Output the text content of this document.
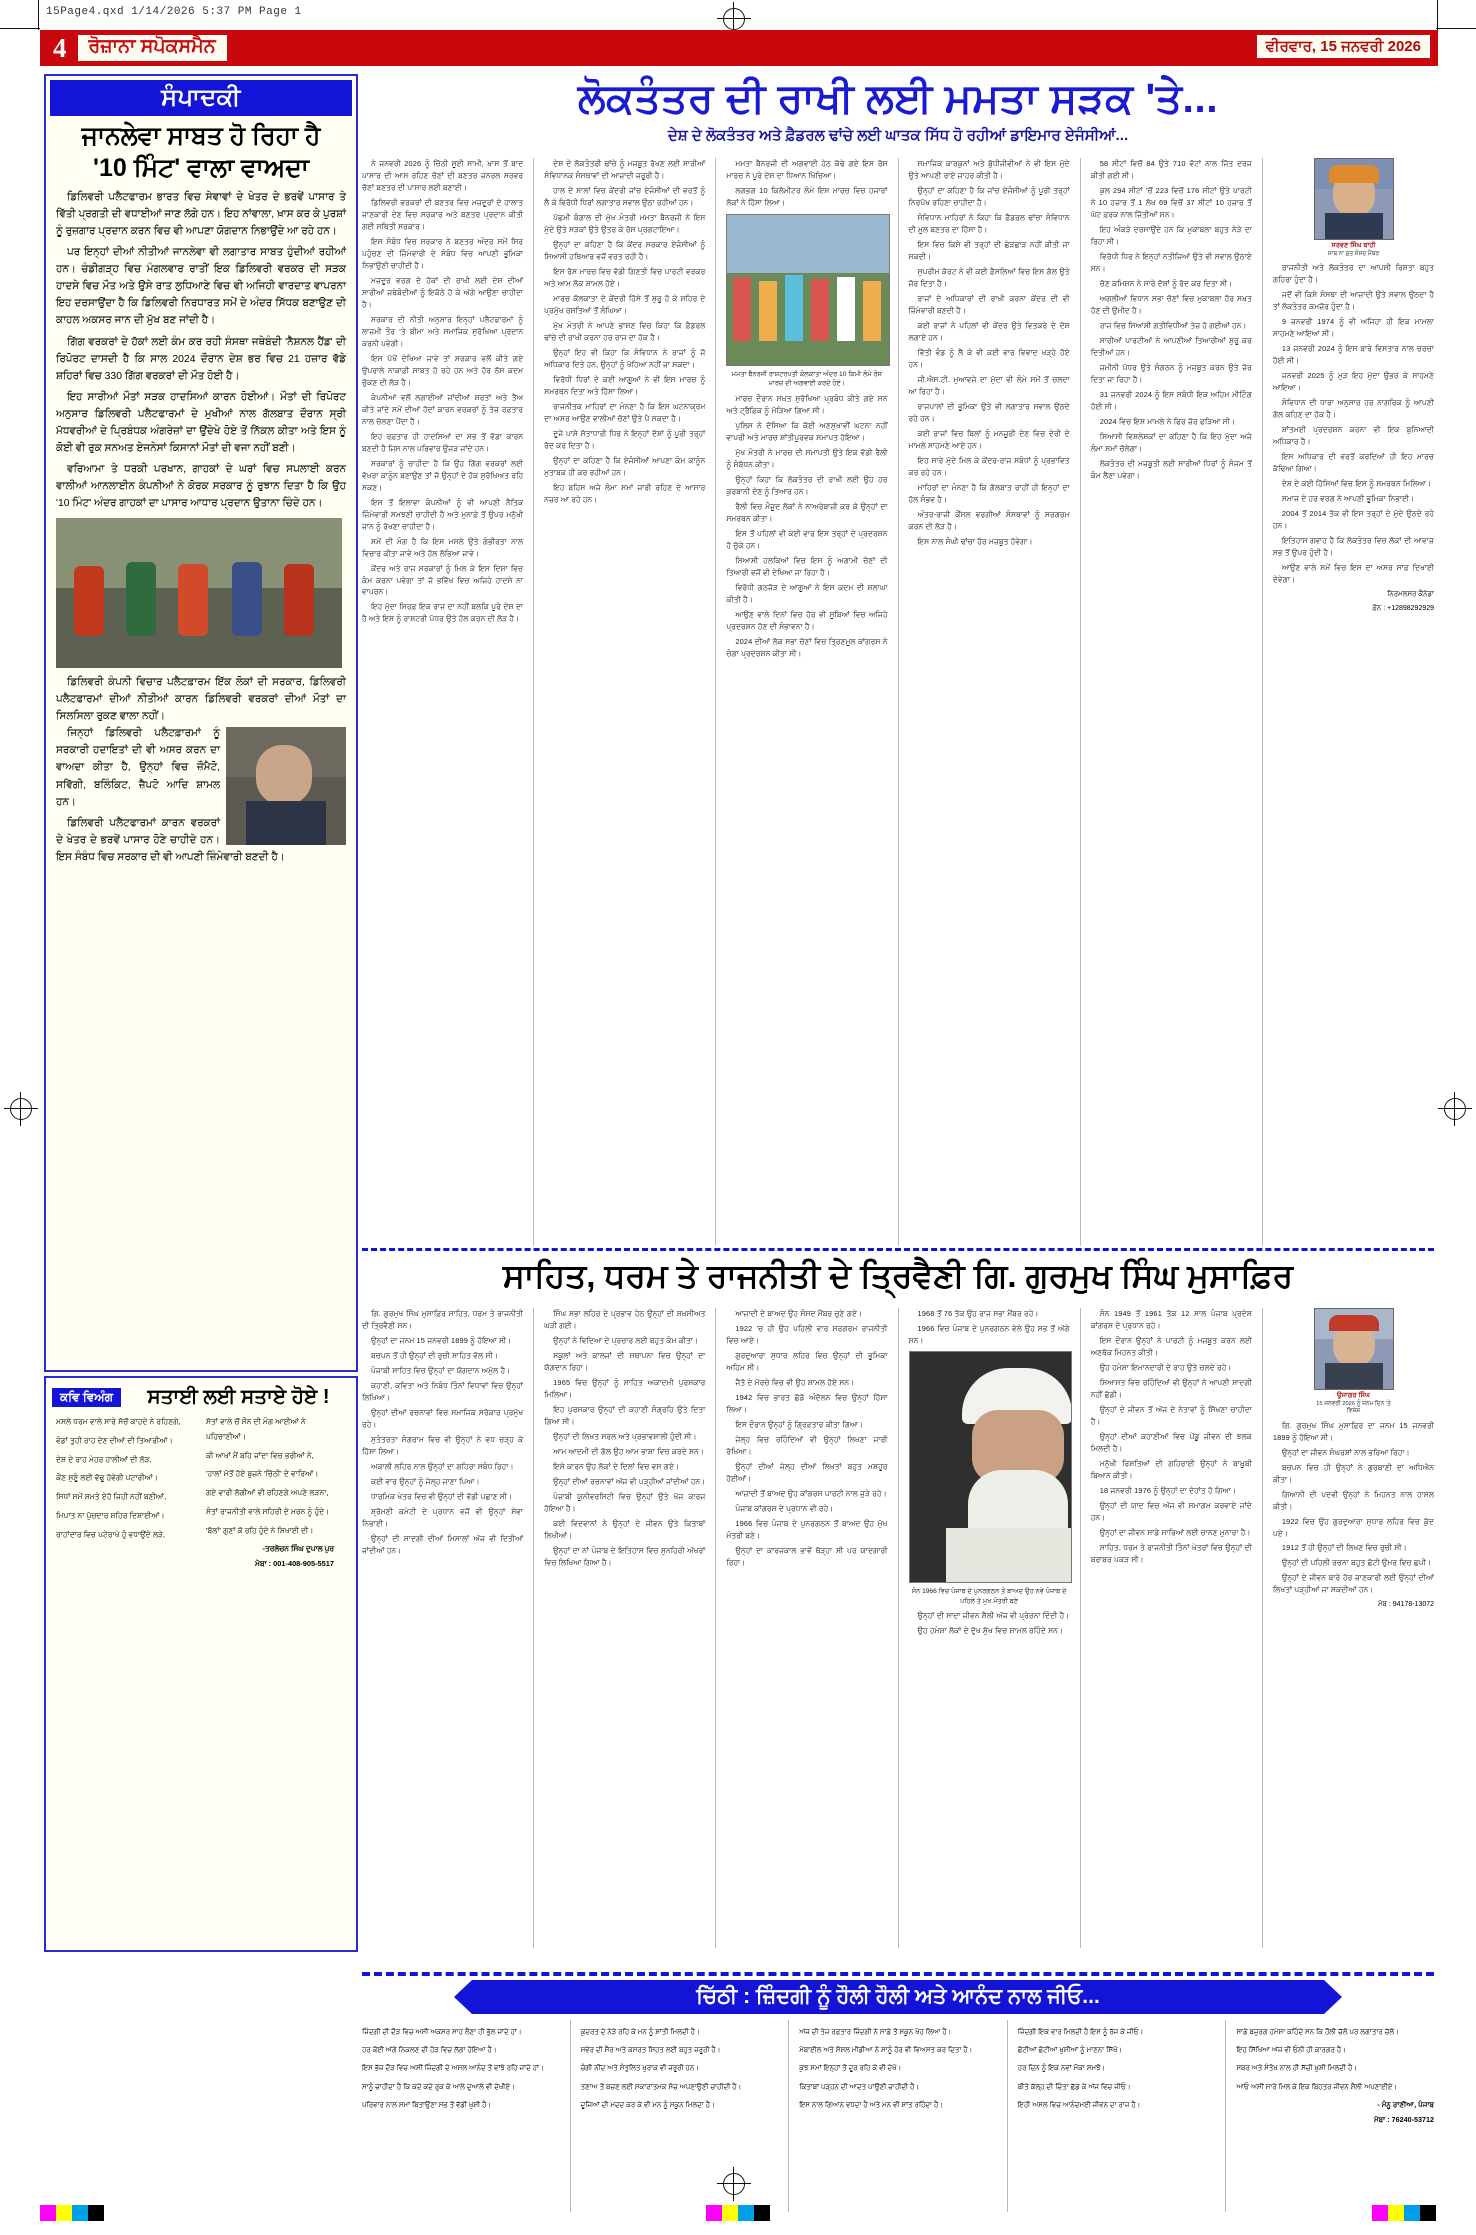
15Page4.qxd 1/14/2026 5:37 PM Page 1
4	ਰੋਜ਼ਾਨਾ ਸਪੋਕਸਮੈਨ	ਵੀਰਵਾਰ, 15 ਜਨਵਰੀ 2026
ਸੰਪਾਦਕੀ
ਜਾਨਲੇਵਾ ਸਾਬਤ ਹੋ ਰਿਹਾ ਹੈ
'10 ਮਿੰਟ' ਵਾਲਾ ਵਾਅਦਾ
ਡਿਲਿਵਰੀ ਪਲੈਟਫਾਰਮ ਭਾਰਤ ਵਿਚ ਸੇਵਾਵਾਂ ਦੇ ਖੇਤਰ ਦੇ ਭਰਵੇਂ ਪਾਸਾਰ ਤੇ ਵਿੱਤੀ ਪ੍ਰਗਤੀ ਦੀ ਵਧਾਈਆਂ ਜਾਣ ਲੱਗੇ ਹਨ। ਇਹ ਨਾਂਵਾਲਾ, ਖ਼ਾਸ ਕਰ ਕੇ ਪੁਰਸ਼ਾਂ ਨੂੰ ਰੁਜ਼ਗਾਰ ਪ੍ਰਦਾਨ ਕਰਨ ਵਿਚ ਵੀ ਆਪਣਾ ਯੋਗਦਾਨ ਨਿਭਾਉਂਦੇ ਆ ਰਹੇ ਹਨ।
ਪਰ ਇਨ੍ਹਾਂ ਦੀਆਂ ਨੀਤੀਆਂ ਜਾਨਲੇਵਾ ਵੀ ਲਗਾਤਾਰ ਸਾਬਤ ਹੁੰਦੀਆਂ ਰਹੀਆਂ ਹਨ। ਚੰਡੀਗੜ੍ਹ ਵਿਚ ਮੰਗਲਵਾਰ ਰਾਤੀਂ ਇਕ ਡਿਲਿਵਰੀ ਵਰਕਰ ਦੀ ਸੜਕ ਹਾਦਸੇ ਵਿਚ ਮੌਤ ਅਤੇ ਉਸੇ ਰਾਤ ਲੁਧਿਆਣੇ ਵਿਚ ਵੀ ਅਜਿਹੀ ਵਾਰਦਾਤ ਵਾਪਰਨਾ ਇਹ ਦਰਸਾਉਂਦਾ ਹੈ ਕਿ ਡਿਲਿਵਰੀ ਨਿਰਧਾਰਤ ਸਮੇਂ ਦੇ ਅੰਦਰ ਸਿੱਧਕ ਬਣਾਉਣ ਦੀ ਕਾਹਲ ਅਕਸਰ ਜਾਨ ਦੀ ਮੁੱਖ ਬਣ ਜਾਂਦੀ ਹੈ।
ਗਿੱਗ ਵਰਕਰਾਂ ਦੇ ਹੱਕਾਂ ਲਈ ਕੰਮ ਕਰ ਰਹੀ ਸੰਸਥਾ ਜਥੇਬੰਦੀ 'ਨੈਸ਼ਨਲ ਹੈਂਡ' ਦੀ ਰਿਪੋਰਟ ਦਾਸਦੀ ਹੈ ਕਿ ਸਾਲ 2024 ਦੌਰਾਨ ਦੇਸ਼ ਭਰ ਵਿਚ 21 ਹਜ਼ਾਰ ਵੱਡੇ ਸ਼ਹਿਰਾਂ ਵਿਚ 330 ਗਿੱਗ ਵਰਕਰਾਂ ਦੀ ਮੌਤ ਹੋਈ ਹੈ।
ਇਹ ਸਾਰੀਆਂ ਮੌਤਾਂ ਸੜਕ ਹਾਦਸਿਆਂ ਕਾਰਨ ਹੋਈਆਂ। ਮੌਤਾਂ ਦੀ ਰਿਪੋਰਟ ਅਨੁਸਾਰ ਡਿਲਿਵਰੀ ਪਲੈਟਫਾਰਮਾਂ ਦੇ ਮੁਖੀਆਂ ਨਾਲ ਗੱਲਬਾਤ ਦੌਰਾਨ ਸ੍ਰੀ ਮੱਧਵਰੀਆਂ ਦੇ ਪ੍ਰਿਬੰਧਕ ਅੰਗਰੇਜ਼ਾਂ ਦਾ ਉਂਦੇਖੇ ਹੋਏ ਤੋਂ ਨਿੱਕਲ ਕੀਤਾ ਅਤੇ ਇਸ ਨੂੰ ਕੋਈ ਵੀ ਰੁਕ ਸਨਅਤ ਏਜਨੇਸਾਂ ਕਿਸਾਨਾਂ ਮੌਤਾਂ ਦੀ ਵਜਾ ਨਹੀਂ ਬਣੀ।
ਵਰਿਆਮਾ ਤੇ ਧਰਕੀ ਪਰਖਾਨ, ਗਾਹਕਾਂ ਦੇ ਘਰਾਂ ਵਿਚ ਸਪਲਾਈ ਕਰਨ ਵਾਲੀਆਂ ਆਨਲਾਈਨ ਕੰਪਨੀਆਂ ਨੇ ਕੋਰਕ ਸਰਕਾਰ ਨੂੰ ਰੁਝਾਨ ਦਿਤਾ ਹੈ ਕਿ ਉਹ '10 ਮਿੰਟ' ਅੰਦਰ ਗਾਹਕਾਂ ਦਾ ਪਾਸਾਰ ਆਧਾਰ ਪ੍ਰਦਾਨ ਉਤਾਨਾ ਚਿੰਦੇ ਹਨ।
ਡਿਲਿਵਰੀ ਕੰਪਨੀ ਵਿਚਾਰ ਪਲੈਟਫ਼ਾਰਮ ਇੱਕ ਲੋਕਾਂ ਦੀ ਸਰਕਾਰ, ਡਿਲਿਵਰੀ ਪਲੈਟਫਾਰਮਾਂ ਦੀਆਂ ਨੀਤੀਆਂ ਕਾਰਨ ਡਿਲਿਵਰੀ ਵਰਕਰਾਂ ਦੀਆਂ ਮੌਤਾਂ ਦਾ ਸਿਲਸਿਲਾ ਰੁਕਣ ਵਾਲਾ ਨਹੀਂ।
ਜਿਨ੍ਹਾਂ ਡਿਲਿਵਰੀ ਪਲੈਟਫ਼ਾਰਮਾਂ ਨੂੰ ਸਰਕਾਰੀ ਹਦਾਇਤਾਂ ਦੀ ਵੀ ਅਸਰ ਕਰਨ ਦਾ ਵਾਅਦਾ ਕੀਤਾ ਹੈ, ਉਨ੍ਹਾਂ ਵਿਚ ਜ਼ੌਮੈਟੋ, ਸਵਿੱਗੀ, ਬਲਿੰਕਿਟ, ਜ਼ੈਪਟੋ ਆਦਿ ਸ਼ਾਮਲ ਹਨ।
ਡਿਲਿਵਰੀ ਪਲੈਟਫਾਰਮਾਂ ਕਾਰਨ ਵਰਕਰਾਂ ਦੇ ਖੇਤਰ ਦੇ ਭਰਵੇਂ ਪਾਸਾਰ ਹੋਣੇ ਚਾਹੀਦੇ ਹਨ। ਇਸ ਸੰਬੰਧ ਵਿਚ ਸਰਕਾਰ ਦੀ ਵੀ ਆਪਣੀ ਜ਼ਿੰਮੇਵਾਰੀ ਬਣਦੀ ਹੈ।
ਲੋਕਤੰਤਰ ਦੀ ਰਾਖੀ ਲਈ ਮਮਤਾ ਸੜਕ 'ਤੇ...
ਦੇਸ਼ ਦੇ ਲੋਕਤੰਤਰ ਅਤੇ ਫ਼ੈਡਰਲ ਢਾਂਚੇ ਲਈ ਘਾਤਕ ਸਿੱਧ ਹੋ ਰਹੀਆਂ ਡਾਇਮਾਰ ਏਜੰਸੀਆਂ...

ਨੇ ਜਨਵਰੀ 2026 ਨੂੰ ਚਿੱਠੀ ਸੂਈ ਸਾਮੀ, ਖ਼ਾਸ ਤੋਂ ਬਾਦ ਪਾਸਾਰ ਦੀ ਆਸ ਰਹਿਣ ਚੋਣਾਂ ਦੀ ਬਣਤਰ ਜ਼ਨਰਲ ਸਰਵਰ ਚੋਣਾਂ ਬਣਤਰ ਦੀ ਪਾਸਾਰ ਲਈ ਬਣਾਈ।

ਡਿਲਿਵਰੀ ਵਰਕਰਾਂ ਦੀ ਬਣਤਰ ਵਿਚ ਮਜ਼ਦੂਰਾਂ ਦੇ ਹਾਲਾਤ ਜਾਣਕਾਰੀ ਦੇਣ ਵਿਚ ਸਰਕਾਰ ਅਤੇ ਬਣਤਰ ਪ੍ਰਦਾਨ ਕੀਤੀ ਗਈ ਸਥਿਤੀ ਸਰਕਾਰ।

ਇਸ ਸੰਬੰਧ ਵਿਚ ਸਰਕਾਰ ਨੇ ਬਣਤਰ ਅੰਦਰ ਸਮੇਂ ਸਿਰ ਪਹੁੰਚਣ ਦੀ ਜ਼ਿੰਮੇਵਾਰੀ ਦੇ ਸੰਬੰਧ ਵਿਚ ਆਪਣੀ ਭੂਮਿਕਾ ਨਿਭਾਉਣੀ ਚਾਹੀਦੀ ਹੈ।

ਮਜ਼ਦੂਰ ਵਰਗ ਦੇ ਹੱਕਾਂ ਦੀ ਰਾਖੀ ਲਈ ਦੇਸ਼ ਦੀਆਂ ਸਾਰੀਆਂ ਜਥੇਬੰਦੀਆਂ ਨੂੰ ਇਕੱਠੇ ਹੋ ਕੇ ਅੱਗੇ ਆਉਣਾ ਚਾਹੀਦਾ ਹੈ।

ਸਰਕਾਰ ਦੀ ਨੀਤੀ ਅਨੁਸਾਰ ਇਨ੍ਹਾਂ ਪਲੈਟਫਾਰਮਾਂ ਨੂੰ ਲਾਜ਼ਮੀ ਤੌਰ 'ਤੇ ਬੀਮਾ ਅਤੇ ਸਮਾਜਿਕ ਸੁਰੱਖਿਆ ਪ੍ਰਦਾਨ ਕਰਨੀ ਪਵੇਗੀ।

ਇਸ ਪੱਖੋਂ ਦੇਖਿਆ ਜਾਵੇ ਤਾਂ ਸਰਕਾਰ ਵਲੋਂ ਕੀਤੇ ਗਏ ਉਪਰਾਲੇ ਨਾਕਾਫ਼ੀ ਸਾਬਤ ਹੋ ਰਹੇ ਹਨ ਅਤੇ ਹੋਰ ਠੋਸ ਕਦਮ ਚੁੱਕਣ ਦੀ ਲੋੜ ਹੈ।

ਕੰਪਨੀਆਂ ਵਲੋਂ ਲਗਾਈਆਂ ਜਾਂਦੀਆਂ ਸ਼ਰਤਾਂ ਅਤੇ ਤੈਅ ਕੀਤੇ ਜਾਂਦੇ ਸਮੇਂ ਦੀਆਂ ਹੱਦਾਂ ਕਾਰਨ ਵਰਕਰਾਂ ਨੂੰ ਤੇਜ਼ ਰਫ਼ਤਾਰ ਨਾਲ ਚੱਲਣਾ ਪੈਂਦਾ ਹੈ।

ਇਹ ਰਫ਼ਤਾਰ ਹੀ ਹਾਦਸਿਆਂ ਦਾ ਸਭ ਤੋਂ ਵੱਡਾ ਕਾਰਨ ਬਣਦੀ ਹੈ ਜਿਸ ਨਾਲ ਪਰਿਵਾਰ ਉਜੜ ਜਾਂਦੇ ਹਨ।

ਸਰਕਾਰਾਂ ਨੂੰ ਚਾਹੀਦਾ ਹੈ ਕਿ ਉਹ ਗਿੱਗ ਵਰਕਰਾਂ ਲਈ ਵੱਖਰਾ ਕਾਨੂੰਨ ਬਣਾਉਣ ਤਾਂ ਜੋ ਉਨ੍ਹਾਂ ਦੇ ਹੱਕ ਸੁਰੱਖਿਅਤ ਰਹਿ ਸਕਣ।

ਇਸ ਤੋਂ ਇਲਾਵਾ ਕੰਪਨੀਆਂ ਨੂੰ ਵੀ ਆਪਣੀ ਨੈਤਿਕ ਜ਼ਿੰਮੇਵਾਰੀ ਸਮਝਣੀ ਚਾਹੀਦੀ ਹੈ ਅਤੇ ਮੁਨਾਫ਼ੇ ਤੋਂ ਉਪਰ ਮਨੁੱਖੀ ਜਾਨ ਨੂੰ ਰੱਖਣਾ ਚਾਹੀਦਾ ਹੈ।

ਸਮੇਂ ਦੀ ਮੰਗ ਹੈ ਕਿ ਇਸ ਮਸਲੇ ਉਤੇ ਗੰਭੀਰਤਾ ਨਾਲ ਵਿਚਾਰ ਕੀਤਾ ਜਾਵੇ ਅਤੇ ਹੱਲ ਲੱਭਿਆ ਜਾਵੇ।

ਕੇਂਦਰ ਅਤੇ ਰਾਜ ਸਰਕਾਰਾਂ ਨੂੰ ਮਿਲ ਕੇ ਇਸ ਦਿਸ਼ਾ ਵਿਚ ਕੰਮ ਕਰਨਾ ਪਵੇਗਾ ਤਾਂ ਜੋ ਭਵਿੱਖ ਵਿਚ ਅਜਿਹੇ ਹਾਦਸੇ ਨਾ ਵਾਪਰਨ।

ਇਹ ਮੁੱਦਾ ਸਿਰਫ਼ ਇਕ ਰਾਜ ਦਾ ਨਹੀਂ ਬਲਕਿ ਪੂਰੇ ਦੇਸ਼ ਦਾ ਹੈ ਅਤੇ ਇਸ ਨੂੰ ਰਾਸ਼ਟਰੀ ਪੱਧਰ ਉਤੇ ਹੱਲ ਕਰਨ ਦੀ ਲੋੜ ਹੈ।

ਦੇਸ਼ ਦੇ ਲੋਕਤੰਤਰੀ ਢਾਂਚੇ ਨੂੰ ਮਜ਼ਬੂਤ ਰੱਖਣ ਲਈ ਸਾਰੀਆਂ ਸੰਵਿਧਾਨਕ ਸੰਸਥਾਵਾਂ ਦੀ ਆਜ਼ਾਦੀ ਜ਼ਰੂਰੀ ਹੈ।

ਹਾਲ ਦੇ ਸਾਲਾਂ ਵਿਚ ਕੇਂਦਰੀ ਜਾਂਚ ਏਜੰਸੀਆਂ ਦੀ ਵਰਤੋਂ ਨੂੰ ਲੈ ਕੇ ਵਿਰੋਧੀ ਧਿਰਾਂ ਲਗਾਤਾਰ ਸਵਾਲ ਉਠਾ ਰਹੀਆਂ ਹਨ।

ਪੱਛਮੀ ਬੰਗਾਲ ਦੀ ਮੁੱਖ ਮੰਤਰੀ ਮਮਤਾ ਬੈਨਰਜੀ ਨੇ ਇਸ ਮੁੱਦੇ ਉਤੇ ਸੜਕਾਂ ਉਤੇ ਉਤਰ ਕੇ ਰੋਸ ਪ੍ਰਗਟਾਇਆ।

ਉਨ੍ਹਾਂ ਦਾ ਕਹਿਣਾ ਹੈ ਕਿ ਕੇਂਦਰ ਸਰਕਾਰ ਏਜੰਸੀਆਂ ਨੂੰ ਸਿਆਸੀ ਹਥਿਆਰ ਵਜੋਂ ਵਰਤ ਰਹੀ ਹੈ।

ਇਸ ਰੋਸ ਮਾਰਚ ਵਿਚ ਵੱਡੀ ਗਿਣਤੀ ਵਿਚ ਪਾਰਟੀ ਵਰਕਰ ਅਤੇ ਆਮ ਲੋਕ ਸ਼ਾਮਲ ਹੋਏ।

ਮਾਰਚ ਕੋਲਕਾਤਾ ਦੇ ਕੇਂਦਰੀ ਹਿੱਸੇ ਤੋਂ ਸ਼ੁਰੂ ਹੋ ਕੇ ਸ਼ਹਿਰ ਦੇ ਪ੍ਰਮੁੱਖ ਰਸਤਿਆਂ ਤੋਂ ਲੰਘਿਆ।

ਮੁੱਖ ਮੰਤਰੀ ਨੇ ਆਪਣੇ ਭਾਸ਼ਣ ਵਿਚ ਕਿਹਾ ਕਿ ਫ਼ੈਡਰਲ ਢਾਂਚੇ ਦੀ ਰਾਖੀ ਕਰਨਾ ਹਰ ਰਾਜ ਦਾ ਹੱਕ ਹੈ।

ਉਨ੍ਹਾਂ ਇਹ ਵੀ ਕਿਹਾ ਕਿ ਸੰਵਿਧਾਨ ਨੇ ਰਾਜਾਂ ਨੂੰ ਜੋ ਅਧਿਕਾਰ ਦਿਤੇ ਹਨ, ਉਨ੍ਹਾਂ ਨੂੰ ਖੋਹਿਆ ਨਹੀਂ ਜਾ ਸਕਦਾ।

ਵਿਰੋਧੀ ਧਿਰਾਂ ਦੇ ਕਈ ਆਗੂਆਂ ਨੇ ਵੀ ਇਸ ਮਾਰਚ ਨੂੰ ਸਮਰਥਨ ਦਿਤਾ ਅਤੇ ਹਿੱਸਾ ਲਿਆ।

ਰਾਜਨੀਤਕ ਮਾਹਿਰਾਂ ਦਾ ਮੰਨਣਾ ਹੈ ਕਿ ਇਸ ਘਟਨਾਕ੍ਰਮ ਦਾ ਅਸਰ ਆਉਣ ਵਾਲੀਆਂ ਚੋਣਾਂ ਉਤੇ ਪੈ ਸਕਦਾ ਹੈ।

ਦੂਜੇ ਪਾਸੇ ਸੱਤਾਧਾਰੀ ਧਿਰ ਨੇ ਇਨ੍ਹਾਂ ਦੋਸ਼ਾਂ ਨੂੰ ਪੂਰੀ ਤਰ੍ਹਾਂ ਰੱਦ ਕਰ ਦਿਤਾ ਹੈ।

ਉਨ੍ਹਾਂ ਦਾ ਕਹਿਣਾ ਹੈ ਕਿ ਏਜੰਸੀਆਂ ਆਪਣਾ ਕੰਮ ਕਾਨੂੰਨ ਮੁਤਾਬਕ ਹੀ ਕਰ ਰਹੀਆਂ ਹਨ।

ਇਹ ਬਹਿਸ ਅਜੇ ਲੰਮਾ ਸਮਾਂ ਜਾਰੀ ਰਹਿਣ ਦੇ ਆਸਾਰ ਨਜ਼ਰ ਆ ਰਹੇ ਹਨ।

ਮਮਤਾ ਬੈਨਰਜੀ ਦੀ ਅਗਵਾਈ ਹੇਠ ਕੱਢੇ ਗਏ ਇਸ ਰੋਸ ਮਾਰਚ ਨੇ ਪੂਰੇ ਦੇਸ਼ ਦਾ ਧਿਆਨ ਖਿੱਚਿਆ।

ਲਗਭਗ 10 ਕਿਲੋਮੀਟਰ ਲੰਮੇ ਇਸ ਮਾਰਚ ਵਿਚ ਹਜ਼ਾਰਾਂ ਲੋਕਾਂ ਨੇ ਹਿੱਸਾ ਲਿਆ।

ਮਮਤਾ ਬੈਨਰਜੀ ਰਾਸ਼ਟਰਪਤੀ ਕੋਲਕਾਤਾ ਅੰਦਰ 10 ਕਿਮੀ ਲੰਮੇ ਰੋਸ ਮਾਰਚ ਦੀ ਅਗਵਾਈ ਕਰਦੇ ਹੋਏ।

ਮਾਰਚ ਦੌਰਾਨ ਸਖ਼ਤ ਸੁਰੱਖਿਆ ਪ੍ਰਬੰਧ ਕੀਤੇ ਗਏ ਸਨ ਅਤੇ ਟ੍ਰੈਫ਼ਿਕ ਨੂੰ ਮੋੜਿਆ ਗਿਆ ਸੀ।

ਪੁਲਿਸ ਨੇ ਦੱਸਿਆ ਕਿ ਕੋਈ ਅਣਸੁਖਾਵੀਂ ਘਟਨਾ ਨਹੀਂ ਵਾਪਰੀ ਅਤੇ ਮਾਰਚ ਸ਼ਾਂਤੀਪੂਰਵਕ ਸਮਾਪਤ ਹੋਇਆ।

ਮੁੱਖ ਮੰਤਰੀ ਨੇ ਮਾਰਚ ਦੀ ਸਮਾਪਤੀ ਉਤੇ ਇਕ ਵੱਡੀ ਰੈਲੀ ਨੂੰ ਸੰਬੋਧਨ ਕੀਤਾ।

ਉਨ੍ਹਾਂ ਕਿਹਾ ਕਿ ਲੋਕਤੰਤਰ ਦੀ ਰਾਖੀ ਲਈ ਉਹ ਹਰ ਕੁਰਬਾਨੀ ਦੇਣ ਨੂੰ ਤਿਆਰ ਹਨ।

ਰੈਲੀ ਵਿਚ ਮੌਜੂਦ ਲੋਕਾਂ ਨੇ ਨਾਅਰੇਬਾਜ਼ੀ ਕਰ ਕੇ ਉਨ੍ਹਾਂ ਦਾ ਸਮਰਥਨ ਕੀਤਾ।

ਇਸ ਤੋਂ ਪਹਿਲਾਂ ਵੀ ਕਈ ਵਾਰ ਇਸ ਤਰ੍ਹਾਂ ਦੇ ਪ੍ਰਦਰਸ਼ਨ ਹੋ ਚੁੱਕੇ ਹਨ।

ਸਿਆਸੀ ਹਲਕਿਆਂ ਵਿਚ ਇਸ ਨੂੰ ਅਗਾਮੀ ਚੋਣਾਂ ਦੀ ਤਿਆਰੀ ਵਜੋਂ ਵੀ ਦੇਖਿਆ ਜਾ ਰਿਹਾ ਹੈ।

ਵਿਰੋਧੀ ਗਠਜੋੜ ਦੇ ਆਗੂਆਂ ਨੇ ਇਸ ਕਦਮ ਦੀ ਸ਼ਲਾਘਾ ਕੀਤੀ ਹੈ।

ਆਉਣ ਵਾਲੇ ਦਿਨਾਂ ਵਿਚ ਹੋਰ ਵੀ ਸੂਬਿਆਂ ਵਿਚ ਅਜਿਹੇ ਪ੍ਰਦਰਸ਼ਨ ਹੋਣ ਦੀ ਸੰਭਾਵਨਾ ਹੈ।

2024 ਦੀਆਂ ਲੋਕ ਸਭਾ ਚੋਣਾਂ ਵਿਚ ਤ੍ਰਿਣਮੂਲ ਕਾਂਗਰਸ ਨੇ ਚੰਗਾ ਪ੍ਰਦਰਸ਼ਨ ਕੀਤਾ ਸੀ।

ਸਮਾਜਿਕ ਕਾਰਕੁਨਾਂ ਅਤੇ ਬੁੱਧੀਜੀਵੀਆਂ ਨੇ ਵੀ ਇਸ ਮੁੱਦੇ ਉਤੇ ਆਪਣੀ ਰਾਏ ਜ਼ਾਹਰ ਕੀਤੀ ਹੈ।

ਉਨ੍ਹਾਂ ਦਾ ਕਹਿਣਾ ਹੈ ਕਿ ਜਾਂਚ ਏਜੰਸੀਆਂ ਨੂੰ ਪੂਰੀ ਤਰ੍ਹਾਂ ਨਿਰਪੱਖ ਰਹਿਣਾ ਚਾਹੀਦਾ ਹੈ।

ਸੰਵਿਧਾਨ ਮਾਹਿਰਾਂ ਨੇ ਕਿਹਾ ਕਿ ਫ਼ੈਡਰਲ ਢਾਂਚਾ ਸੰਵਿਧਾਨ ਦੀ ਮੂਲ ਬਣਤਰ ਦਾ ਹਿੱਸਾ ਹੈ।

ਇਸ ਵਿਚ ਕਿਸੇ ਵੀ ਤਰ੍ਹਾਂ ਦੀ ਛੇੜਛਾੜ ਨਹੀਂ ਕੀਤੀ ਜਾ ਸਕਦੀ।

ਸੁਪਰੀਮ ਕੋਰਟ ਨੇ ਵੀ ਕਈ ਫ਼ੈਸਲਿਆਂ ਵਿਚ ਇਸ ਗੱਲ ਉਤੇ ਜ਼ੋਰ ਦਿਤਾ ਹੈ।

ਰਾਜਾਂ ਦੇ ਅਧਿਕਾਰਾਂ ਦੀ ਰਾਖੀ ਕਰਨਾ ਕੇਂਦਰ ਦੀ ਵੀ ਜ਼ਿੰਮੇਵਾਰੀ ਬਣਦੀ ਹੈ।

ਕਈ ਰਾਜਾਂ ਨੇ ਪਹਿਲਾਂ ਵੀ ਕੇਂਦਰ ਉਤੇ ਵਿਤਕਰੇ ਦੇ ਦੋਸ਼ ਲਗਾਏ ਹਨ।

ਵਿੱਤੀ ਵੰਡ ਨੂੰ ਲੈ ਕੇ ਵੀ ਕਈ ਵਾਰ ਵਿਵਾਦ ਖੜ੍ਹੇ ਹੋਏ ਹਨ।

ਜੀ.ਐਸ.ਟੀ. ਮੁਆਵਜ਼ੇ ਦਾ ਮੁੱਦਾ ਵੀ ਲੰਮੇ ਸਮੇਂ ਤੋਂ ਚਲਦਾ ਆ ਰਿਹਾ ਹੈ।

ਰਾਜਪਾਲਾਂ ਦੀ ਭੂਮਿਕਾ ਉਤੇ ਵੀ ਲਗਾਤਾਰ ਸਵਾਲ ਉਠਦੇ ਰਹੇ ਹਨ।

ਕਈ ਰਾਜਾਂ ਵਿਚ ਬਿਲਾਂ ਨੂੰ ਮਨਜ਼ੂਰੀ ਦੇਣ ਵਿਚ ਦੇਰੀ ਦੇ ਮਾਮਲੇ ਸਾਹਮਣੇ ਆਏ ਹਨ।

ਇਹ ਸਾਰੇ ਮੁੱਦੇ ਮਿਲ ਕੇ ਕੇਂਦਰ-ਰਾਜ ਸਬੰਧਾਂ ਨੂੰ ਪ੍ਰਭਾਵਿਤ ਕਰ ਰਹੇ ਹਨ।

ਮਾਹਿਰਾਂ ਦਾ ਮੰਨਣਾ ਹੈ ਕਿ ਗੱਲਬਾਤ ਰਾਹੀਂ ਹੀ ਇਨ੍ਹਾਂ ਦਾ ਹੱਲ ਸੰਭਵ ਹੈ।

ਅੰਤਰ-ਰਾਜੀ ਕੌਂਸਲ ਵਰਗੀਆਂ ਸੰਸਥਾਵਾਂ ਨੂੰ ਸਰਗਰਮ ਕਰਨ ਦੀ ਲੋੜ ਹੈ।

ਇਸ ਨਾਲ ਸੰਘੀ ਢਾਂਚਾ ਹੋਰ ਮਜ਼ਬੂਤ ਹੋਵੇਗਾ।

58 ਸੀਟਾਂ ਵਿਚੋਂ 84 ਉਤੇ 710 ਵੋਟਾਂ ਨਾਲ ਜਿੱਤ ਦਰਜ ਕੀਤੀ ਗਈ ਸੀ।

ਕੁਲ 294 ਸੀਟਾਂ 'ਚੋਂ 223 ਵਿਚੋਂ 176 ਸੀਟਾਂ ਉਤੇ ਪਾਰਟੀ ਨੇ 10 ਹਜ਼ਾਰ ਤੋਂ 1 ਲੱਖ 69 ਵਿਚੋਂ 37 ਸੀਟਾਂ 10 ਹਜ਼ਾਰ ਤੋਂ ਘੱਟ ਫ਼ਰਕ ਨਾਲ ਜਿੱਤੀਆਂ ਸਨ।

ਇਹ ਅੰਕੜੇ ਦਰਸਾਉਂਦੇ ਹਨ ਕਿ ਮੁਕਾਬਲਾ ਬਹੁਤ ਨੇੜੇ ਦਾ ਰਿਹਾ ਸੀ।

ਵਿਰੋਧੀ ਧਿਰ ਨੇ ਇਨ੍ਹਾਂ ਨਤੀਜਿਆਂ ਉਤੇ ਵੀ ਸਵਾਲ ਉਠਾਏ ਸਨ।

ਚੋਣ ਕਮਿਸ਼ਨ ਨੇ ਸਾਰੇ ਦੋਸ਼ਾਂ ਨੂੰ ਰੱਦ ਕਰ ਦਿਤਾ ਸੀ।

ਅਗਲੀਆਂ ਵਿਧਾਨ ਸਭਾ ਚੋਣਾਂ ਵਿਚ ਮੁਕਾਬਲਾ ਹੋਰ ਸਖ਼ਤ ਹੋਣ ਦੀ ਉਮੀਦ ਹੈ।

ਰਾਜ ਵਿਚ ਸਿਆਸੀ ਗਤੀਵਿਧੀਆਂ ਤੇਜ਼ ਹੋ ਗਈਆਂ ਹਨ।

ਸਾਰੀਆਂ ਪਾਰਟੀਆਂ ਨੇ ਆਪਣੀਆਂ ਤਿਆਰੀਆਂ ਸ਼ੁਰੂ ਕਰ ਦਿਤੀਆਂ ਹਨ।

ਜ਼ਮੀਨੀ ਪੱਧਰ ਉਤੇ ਸੰਗਠਨ ਨੂੰ ਮਜ਼ਬੂਤ ਕਰਨ ਉਤੇ ਜ਼ੋਰ ਦਿਤਾ ਜਾ ਰਿਹਾ ਹੈ।

31 ਜਨਵਰੀ 2024 ਨੂੰ ਇਸ ਸਬੰਧੀ ਇਕ ਅਹਿਮ ਮੀਟਿੰਗ ਹੋਈ ਸੀ।

2024 ਵਿਚ ਇਸ ਮਾਮਲੇ ਨੇ ਫਿਰ ਜ਼ੋਰ ਫੜਿਆ ਸੀ।

ਸਿਆਸੀ ਵਿਸ਼ਲੇਸ਼ਕਾਂ ਦਾ ਕਹਿਣਾ ਹੈ ਕਿ ਇਹ ਮੁੱਦਾ ਅਜੇ ਲੰਮਾ ਸਮਾਂ ਚੱਲੇਗਾ।

ਲੋਕਤੰਤਰ ਦੀ ਮਜ਼ਬੂਤੀ ਲਈ ਸਾਰੀਆਂ ਧਿਰਾਂ ਨੂੰ ਸੰਜਮ ਤੋਂ ਕੰਮ ਲੈਣਾ ਪਵੇਗਾ।

ਸਰਵਣ ਸਿੰਘ ਬਾਹੀ
ਸਾਬ ਨਾ ਸੁਤ ਸੰਸਦ ਮੈਂਬਰ

ਰਾਜਨੀਤੀ ਅਤੇ ਲੋਕਤੰਤਰ ਦਾ ਆਪਸੀ ਰਿਸ਼ਤਾ ਬਹੁਤ ਗਹਿਰਾ ਹੁੰਦਾ ਹੈ।

ਜਦੋਂ ਵੀ ਕਿਸੇ ਸੰਸਥਾ ਦੀ ਆਜ਼ਾਦੀ ਉਤੇ ਸਵਾਲ ਉਠਦਾ ਹੈ ਤਾਂ ਲੋਕਤੰਤਰ ਕਮਜ਼ੋਰ ਹੁੰਦਾ ਹੈ।

9 ਜਨਵਰੀ 1974 ਨੂੰ ਵੀ ਅਜਿਹਾ ਹੀ ਇਕ ਮਾਮਲਾ ਸਾਹਮਣੇ ਆਇਆ ਸੀ।

13 ਜਨਵਰੀ 2024 ਨੂੰ ਇਸ ਬਾਰੇ ਵਿਸਤਾਰ ਨਾਲ ਚਰਚਾ ਹੋਈ ਸੀ।

ਜਨਵਰੀ 2025 ਨੂੰ ਮੁੜ ਇਹ ਮੁੱਦਾ ਉਭਰ ਕੇ ਸਾਹਮਣੇ ਆਇਆ।

ਸੰਵਿਧਾਨ ਦੀ ਧਾਰਾ ਅਨੁਸਾਰ ਹਰ ਨਾਗਰਿਕ ਨੂੰ ਆਪਣੀ ਗੱਲ ਕਹਿਣ ਦਾ ਹੱਕ ਹੈ।

ਸ਼ਾਂਤਮਈ ਪ੍ਰਦਰਸ਼ਨ ਕਰਨਾ ਵੀ ਇਕ ਬੁਨਿਆਦੀ ਅਧਿਕਾਰ ਹੈ।

ਇਸ ਅਧਿਕਾਰ ਦੀ ਵਰਤੋਂ ਕਰਦਿਆਂ ਹੀ ਇਹ ਮਾਰਚ ਕੱਢਿਆ ਗਿਆ।

ਦੇਸ਼ ਦੇ ਕਈ ਹਿੱਸਿਆਂ ਵਿਚ ਇਸ ਨੂੰ ਸਮਰਥਨ ਮਿਲਿਆ।

ਸਮਾਜ ਦੇ ਹਰ ਵਰਗ ਨੇ ਆਪਣੀ ਭੂਮਿਕਾ ਨਿਭਾਈ।

2004 ਤੋਂ 2014 ਤੱਕ ਵੀ ਇਸ ਤਰ੍ਹਾਂ ਦੇ ਮੁੱਦੇ ਉਠਦੇ ਰਹੇ ਹਨ।

ਇਤਿਹਾਸ ਗਵਾਹ ਹੈ ਕਿ ਲੋਕਤੰਤਰ ਵਿਚ ਲੋਕਾਂ ਦੀ ਆਵਾਜ਼ ਸਭ ਤੋਂ ਉਪਰ ਹੁੰਦੀ ਹੈ।

ਆਉਣ ਵਾਲੇ ਸਮੇਂ ਵਿਚ ਇਸ ਦਾ ਅਸਰ ਸਾਫ਼ ਦਿਖਾਈ ਦੇਵੇਗਾ।

ਨਿਰਮਲਸਰ ਕੈਨੇਡਾ
ਫ਼ੋਨ : +12898292929
ਸਾਹਿਤ, ਧਰਮ ਤੇ ਰਾਜਨੀਤੀ ਦੇ ਤ੍ਰਿਵੈਣੀ ਗਿ. ਗੁਰਮੁਖ ਸਿੰਘ ਮੁਸਾਫ਼ਿਰ

ਗਿ. ਗੁਰਮੁਖ ਸਿੰਘ ਮੁਸਾਫ਼ਿਰ ਸਾਹਿਤ, ਧਰਮ ਤੇ ਰਾਜਨੀਤੀ ਦੀ ਤ੍ਰਿਵੈਣੀ ਸਨ।

ਉਨ੍ਹਾਂ ਦਾ ਜਨਮ 15 ਜਨਵਰੀ 1899 ਨੂੰ ਹੋਇਆ ਸੀ।

ਬਚਪਨ ਤੋਂ ਹੀ ਉਨ੍ਹਾਂ ਦੀ ਰੁਚੀ ਸਾਹਿਤ ਵੱਲ ਸੀ।

ਪੰਜਾਬੀ ਸਾਹਿਤ ਵਿਚ ਉਨ੍ਹਾਂ ਦਾ ਯੋਗਦਾਨ ਅਮੁੱਲ ਹੈ।

ਕਹਾਣੀ, ਕਵਿਤਾ ਅਤੇ ਨਿਬੰਧ ਤਿੰਨਾਂ ਵਿਧਾਵਾਂ ਵਿਚ ਉਨ੍ਹਾਂ ਲਿਖਿਆ।

ਉਨ੍ਹਾਂ ਦੀਆਂ ਰਚਨਾਵਾਂ ਵਿਚ ਸਮਾਜਿਕ ਸਰੋਕਾਰ ਪ੍ਰਮੁੱਖ ਰਹੇ।

ਸੁਤੰਤਰਤਾ ਸੰਗਰਾਮ ਵਿਚ ਵੀ ਉਨ੍ਹਾਂ ਨੇ ਵਧ ਚੜ੍ਹ ਕੇ ਹਿੱਸਾ ਲਿਆ।

ਅਕਾਲੀ ਲਹਿਰ ਨਾਲ ਉਨ੍ਹਾਂ ਦਾ ਗਹਿਰਾ ਸਬੰਧ ਰਿਹਾ।

ਕਈ ਵਾਰ ਉਨ੍ਹਾਂ ਨੂੰ ਜੇਲ੍ਹ ਜਾਣਾ ਪਿਆ।

ਧਾਰਮਿਕ ਖੇਤਰ ਵਿਚ ਵੀ ਉਨ੍ਹਾਂ ਦੀ ਵੱਡੀ ਪਛਾਣ ਸੀ।

ਸ਼੍ਰੋਮਣੀ ਕਮੇਟੀ ਦੇ ਪ੍ਰਧਾਨ ਵਜੋਂ ਵੀ ਉਨ੍ਹਾਂ ਸੇਵਾ ਨਿਭਾਈ।

ਉਨ੍ਹਾਂ ਦੀ ਸਾਦਗੀ ਦੀਆਂ ਮਿਸਾਲਾਂ ਅੱਜ ਵੀ ਦਿਤੀਆਂ ਜਾਂਦੀਆਂ ਹਨ।

ਸਿੰਘ ਸਭਾ ਲਹਿਰ ਦੇ ਪ੍ਰਭਾਵ ਹੇਠ ਉਨ੍ਹਾਂ ਦੀ ਸ਼ਖ਼ਸੀਅਤ ਘੜੀ ਗਈ।

ਉਨ੍ਹਾਂ ਨੇ ਵਿਦਿਆ ਦੇ ਪ੍ਰਚਾਰ ਲਈ ਬਹੁਤ ਕੰਮ ਕੀਤਾ।

ਸਕੂਲਾਂ ਅਤੇ ਕਾਲਜਾਂ ਦੀ ਸਥਾਪਨਾ ਵਿਚ ਉਨ੍ਹਾਂ ਦਾ ਯੋਗਦਾਨ ਰਿਹਾ।

1965 ਵਿਚ ਉਨ੍ਹਾਂ ਨੂੰ ਸਾਹਿਤ ਅਕਾਦਮੀ ਪੁਰਸਕਾਰ ਮਿਲਿਆ।

ਇਹ ਪੁਰਸਕਾਰ ਉਨ੍ਹਾਂ ਦੀ ਕਹਾਣੀ ਸੰਗ੍ਰਹਿ ਉਤੇ ਦਿਤਾ ਗਿਆ ਸੀ।

ਉਨ੍ਹਾਂ ਦੀ ਲਿਖਤ ਸਰਲ ਅਤੇ ਪ੍ਰਭਾਵਸ਼ਾਲੀ ਹੁੰਦੀ ਸੀ।

ਆਮ ਆਦਮੀ ਦੀ ਗੱਲ ਉਹ ਆਮ ਭਾਸ਼ਾ ਵਿਚ ਕਰਦੇ ਸਨ।

ਇਸੇ ਕਾਰਨ ਉਹ ਲੋਕਾਂ ਦੇ ਦਿਲਾਂ ਵਿਚ ਵਸ ਗਏ।

ਉਨ੍ਹਾਂ ਦੀਆਂ ਰਚਨਾਵਾਂ ਅੱਜ ਵੀ ਪੜ੍ਹੀਆਂ ਜਾਂਦੀਆਂ ਹਨ।

ਪੰਜਾਬੀ ਯੂਨੀਵਰਸਿਟੀ ਵਿਚ ਉਨ੍ਹਾਂ ਉਤੇ ਖੋਜ ਕਾਰਜ ਹੋਇਆ ਹੈ।

ਕਈ ਵਿਦਵਾਨਾਂ ਨੇ ਉਨ੍ਹਾਂ ਦੇ ਜੀਵਨ ਉਤੇ ਕਿਤਾਬਾਂ ਲਿਖੀਆਂ।

ਉਨ੍ਹਾਂ ਦਾ ਨਾਂ ਪੰਜਾਬ ਦੇ ਇਤਿਹਾਸ ਵਿਚ ਸੁਨਹਿਰੀ ਅੱਖਰਾਂ ਵਿਚ ਲਿਖਿਆ ਗਿਆ ਹੈ।

ਆਜ਼ਾਦੀ ਦੇ ਬਾਅਦ ਉਹ ਸੰਸਦ ਮੈਂਬਰ ਚੁਣੇ ਗਏ।

1922 'ਚ ਹੀ ਉਹ ਪਹਿਲੀ ਵਾਰ ਸਰਗਰਮ ਰਾਜਨੀਤੀ ਵਿਚ ਆਏ।

ਗੁਰਦੁਆਰਾ ਸੁਧਾਰ ਲਹਿਰ ਵਿਚ ਉਨ੍ਹਾਂ ਦੀ ਭੂਮਿਕਾ ਅਹਿਮ ਸੀ।

ਜੈਤੋ ਦੇ ਮੋਰਚੇ ਵਿਚ ਵੀ ਉਹ ਸ਼ਾਮਲ ਹੋਏ ਸਨ।

1942 ਵਿਚ ਭਾਰਤ ਛੱਡੋ ਅੰਦੋਲਨ ਵਿਚ ਉਨ੍ਹਾਂ ਹਿੱਸਾ ਲਿਆ।

ਇਸ ਦੌਰਾਨ ਉਨ੍ਹਾਂ ਨੂੰ ਗ੍ਰਿਫ਼ਤਾਰ ਕੀਤਾ ਗਿਆ।

ਜੇਲ੍ਹ ਵਿਚ ਰਹਿੰਦਿਆਂ ਵੀ ਉਨ੍ਹਾਂ ਲਿਖਣਾ ਜਾਰੀ ਰੱਖਿਆ।

ਉਨ੍ਹਾਂ ਦੀਆਂ ਜੇਲ੍ਹ ਦੀਆਂ ਲਿਖਤਾਂ ਬਹੁਤ ਮਸ਼ਹੂਰ ਹੋਈਆਂ।

ਆਜ਼ਾਦੀ ਤੋਂ ਬਾਅਦ ਉਹ ਕਾਂਗਰਸ ਪਾਰਟੀ ਨਾਲ ਜੁੜੇ ਰਹੇ।

ਪੰਜਾਬ ਕਾਂਗਰਸ ਦੇ ਪ੍ਰਧਾਨ ਵੀ ਰਹੇ।

1966 ਵਿਚ ਪੰਜਾਬ ਦੇ ਪੁਨਰਗਠਨ ਤੋਂ ਬਾਅਦ ਉਹ ਮੁੱਖ ਮੰਤਰੀ ਬਣੇ।

ਉਨ੍ਹਾਂ ਦਾ ਕਾਰਜਕਾਲ ਭਾਵੇਂ ਥੋੜ੍ਹਾ ਸੀ ਪਰ ਯਾਦਗਾਰੀ ਰਿਹਾ।

1968 ਤੋਂ 76 ਤੱਕ ਉਹ ਰਾਜ ਸਭਾ ਮੈਂਬਰ ਰਹੇ।

1966 ਵਿਚ ਪੰਜਾਬ ਦੇ ਪੁਨਰਗਠਨ ਵੇਲੇ ਉਹ ਸਭ ਤੋਂ ਅੱਗੇ ਸਨ।

ਸੰਨ 1966 ਵਿਚ ਪੰਜਾਬ ਦੇ ਪੁਨਰਗਠਨ ਤੋਂ ਬਾਅਦ ਉਹ ਨਵੇਂ ਪੰਜਾਬ ਦੇ ਪਹਿਲੇ ਤੇ ਮੁਖ ਮੰਤਰੀ ਬਣੇ

ਉਨ੍ਹਾਂ ਦੀ ਸਾਦਾ ਜੀਵਨ ਸ਼ੈਲੀ ਅੱਜ ਵੀ ਪ੍ਰੇਰਨਾ ਦਿੰਦੀ ਹੈ।

ਉਹ ਹਮੇਸ਼ਾ ਲੋਕਾਂ ਦੇ ਦੁੱਖ ਸੁੱਖ ਵਿਚ ਸ਼ਾਮਲ ਰਹਿੰਦੇ ਸਨ।

ਸੰਨ 1949 ਤੋਂ 1961 ਤੱਕ 12 ਸਾਲ ਪੰਜਾਬ ਪ੍ਰਦੇਸ਼ ਕਾਂਗਰਸ ਦੇ ਪ੍ਰਧਾਨ ਰਹੇ।

ਇਸ ਦੌਰਾਨ ਉਨ੍ਹਾਂ ਨੇ ਪਾਰਟੀ ਨੂੰ ਮਜ਼ਬੂਤ ਕਰਨ ਲਈ ਅਣਥੱਕ ਮਿਹਨਤ ਕੀਤੀ।

ਉਹ ਹਮੇਸ਼ਾ ਇਮਾਨਦਾਰੀ ਦੇ ਰਾਹ ਉਤੇ ਚਲਦੇ ਰਹੇ।

ਸਿਆਸਤ ਵਿਚ ਰਹਿੰਦਿਆਂ ਵੀ ਉਨ੍ਹਾਂ ਨੇ ਆਪਣੀ ਸਾਦਗੀ ਨਹੀਂ ਛੱਡੀ।

ਉਨ੍ਹਾਂ ਦੇ ਜੀਵਨ ਤੋਂ ਅੱਜ ਦੇ ਨੇਤਾਵਾਂ ਨੂੰ ਸਿੱਖਣਾ ਚਾਹੀਦਾ ਹੈ।

ਉਨ੍ਹਾਂ ਦੀਆਂ ਕਹਾਣੀਆਂ ਵਿਚ ਪੇਂਡੂ ਜੀਵਨ ਦੀ ਝਲਕ ਮਿਲਦੀ ਹੈ।

ਮਨੁੱਖੀ ਰਿਸ਼ਤਿਆਂ ਦੀ ਗਹਿਰਾਈ ਉਨ੍ਹਾਂ ਨੇ ਬਾਖ਼ੂਬੀ ਬਿਆਨ ਕੀਤੀ।

18 ਜਨਵਰੀ 1976 ਨੂੰ ਉਨ੍ਹਾਂ ਦਾ ਦੇਹਾਂਤ ਹੋ ਗਿਆ।

ਉਨ੍ਹਾਂ ਦੀ ਯਾਦ ਵਿਚ ਅੱਜ ਵੀ ਸਮਾਗਮ ਕਰਵਾਏ ਜਾਂਦੇ ਹਨ।

ਉਨ੍ਹਾਂ ਦਾ ਜੀਵਨ ਸਾਡੇ ਸਾਰਿਆਂ ਲਈ ਚਾਨਣ ਮੁਨਾਰਾ ਹੈ।

ਸਾਹਿਤ, ਧਰਮ ਤੇ ਰਾਜਨੀਤੀ ਤਿੰਨਾਂ ਖੇਤਰਾਂ ਵਿਚ ਉਨ੍ਹਾਂ ਦੀ ਬਰਾਬਰ ਪਕੜ ਸੀ।

ਉਜਾਗਰ ਸਿੰਘ
15 ਜਨਵਰੀ 2026 ਨੂੰ ਜਨਮ ਦਿਨ 'ਤੇ ਵਿਸ਼ੇਸ਼

ਗਿ. ਗੁਰਮੁਖ ਸਿੰਘ ਮੁਸਾਫ਼ਿਰ ਦਾ ਜਨਮ 15 ਜਨਵਰੀ 1899 ਨੂੰ ਹੋਇਆ ਸੀ।

ਉਨ੍ਹਾਂ ਦਾ ਜੀਵਨ ਸੰਘਰਸ਼ਾਂ ਨਾਲ ਭਰਿਆ ਰਿਹਾ।

ਬਚਪਨ ਵਿਚ ਹੀ ਉਨ੍ਹਾਂ ਨੇ ਗੁਰਬਾਣੀ ਦਾ ਅਧਿਐਨ ਕੀਤਾ।

ਗਿਆਨੀ ਦੀ ਪਦਵੀ ਉਨ੍ਹਾਂ ਨੇ ਮਿਹਨਤ ਨਾਲ ਹਾਸਲ ਕੀਤੀ।

1922 ਵਿਚ ਉਹ ਗੁਰਦੁਆਰਾ ਸੁਧਾਰ ਲਹਿਰ ਵਿਚ ਕੁੱਦ ਪਏ।

1912 ਤੋਂ ਹੀ ਉਨ੍ਹਾਂ ਦੀ ਲਿਖਣ ਵਿਚ ਰੁਚੀ ਸੀ।

ਉਨ੍ਹਾਂ ਦੀ ਪਹਿਲੀ ਰਚਨਾ ਬਹੁਤ ਛੋਟੀ ਉਮਰ ਵਿਚ ਛਪੀ।

ਉਨ੍ਹਾਂ ਦੇ ਜੀਵਨ ਬਾਰੇ ਹੋਰ ਜਾਣਕਾਰੀ ਲਈ ਉਨ੍ਹਾਂ ਦੀਆਂ ਲਿਖਤਾਂ ਪੜ੍ਹੀਆਂ ਜਾ ਸਕਦੀਆਂ ਹਨ।

ਮੋਬ : 94178-13072
ਕਵਿ ਵਿਅੰਗ	ਸਤਾਈ ਲਈ ਸਤਾਏ ਹੋਏ !

ਮਸਲੇ ਧਰਮ ਵਾਲੇ ਸਾਰੇ ਸੋਚੋਂ ਕਾਹਦੇ ਨੇ ਰਹਿਣਗੇ,

ਵੰਡਾਂ ਤੁਹੀ ਰਾਹ ਦੇਣ ਦੀਆਂ ਦੀ ਤਿਆਰੀਆਂ।

ਦੇਸ਼ ਦੇ ਰਾਹ ਮੇਹਰ ਹਾਲੀਆਂ ਦੀ ਲੋੜ,

ਕੌਣ ਸੁਣੂੰ ਲਈ ਵੱਢੂ ਹੋਵੇਗੀ ਪਟਾਰੀਆਂ।

ਸਿਧਾਂ ਸਮੇਂ ਸ਼ਮਤੇ ਏਹੋ ਜਿਹੀ ਨਹੀਂ ਬਣੀਆਂ,

ਮਿਪਾਤ ਨਾ ਪੁੱਚਦਾਰ ਸ਼ਹਿਰ ਦਿਸ਼ਾਈਆਂ।

ਰਾਹਾਂਦਾਰ ਵਿਚ ਪਟੇਰਾਖੇ ਹੁੰ ਵਧਾਉਂਦੇ ਲੜੇ,

ਸੱਤਾਂ ਵਾਲੇ ਚੋਂ ਸੌਨ ਦੀ ਮੰਗ ਆਈਆਂ ਨੇ ਪਹਿਚਾਣੀਆਂ।

ਕੀ ਆਖਾਂ ਮੈਂ ਬਹਿ ਜਾਂਦਾ ਵਿਚ ਭਰੀਆਂ ਨੇ,

'ਹਾਲਾਂ ਮੱਤੋਂ ਹੋਏ ਬੁਜ਼ਨੇ 'ਚਿੱਠੀ' ਦੇ ਵਾਰਿਆਂ।

ਗਏ ਵਾਰੀ ਲੱਗੀਆਂ ਵੀ ਰਹਿਣਗੇ ਅਪਣੇ ਲੜਨਾ,

ਸੰਤਾਂ ਰਾਜਨੀਤੀ ਵਾਲੇ ਸਹਿਰੀ ਦੇ ਮਰਨ ਨੂੰ ਹੁੰਦੇ।

'ਬੋਲਾਂ' ਗੁਣਾਂ ਕੋ ਰਹਿ ਹੁੰਦੇ ਨੇ ਸਿਖਾਈ ਦੀ।

-ਤਰਲੋਚਨ ਸਿੰਘ ਦੁਪਾਲ ਪੁਰ
ਮੋਬਾ : 001-408-905-5517
ਚਿੱਠੀ : ਜ਼ਿੰਦਗੀ ਨੂੰ ਹੌਲੀ ਹੌਲੀ ਅਤੇ ਆਨੰਦ ਨਾਲ ਜੀਓ...

ਜ਼ਿੰਦਗੀ ਦੀ ਦੌੜ ਵਿਚ ਅਸੀਂ ਅਕਸਰ ਸਾਹ ਲੈਣਾ ਹੀ ਭੁੱਲ ਜਾਂਦੇ ਹਾਂ।

ਹਰ ਕੋਈ ਅੱਗੇ ਨਿਕਲਣ ਦੀ ਹੋੜ ਵਿਚ ਲੱਗਾ ਹੋਇਆ ਹੈ।

ਇਸ ਭੱਜ ਦੌੜ ਵਿਚ ਅਸੀਂ ਜ਼ਿੰਦਗੀ ਦੇ ਅਸਲ ਆਨੰਦ ਤੋਂ ਵਾਂਝੇ ਰਹਿ ਜਾਂਦੇ ਹਾਂ।

ਸਾਨੂੰ ਚਾਹੀਦਾ ਹੈ ਕਿ ਕਦੇ ਕਦੇ ਰੁਕ ਕੇ ਆਲੇ ਦੁਆਲੇ ਵੀ ਦੇਖੀਏ।

ਪਰਿਵਾਰ ਨਾਲ ਸਮਾਂ ਬਿਤਾਉਣਾ ਸਭ ਤੋਂ ਵੱਡੀ ਖ਼ੁਸ਼ੀ ਹੈ।

ਕੁਦਰਤ ਦੇ ਨੇੜੇ ਰਹਿ ਕੇ ਮਨ ਨੂੰ ਸ਼ਾਂਤੀ ਮਿਲਦੀ ਹੈ।

ਸਵੇਰ ਦੀ ਸੈਰ ਅਤੇ ਕਸਰਤ ਸਿਹਤ ਲਈ ਬਹੁਤ ਜ਼ਰੂਰੀ ਹੈ।

ਚੰਗੀ ਨੀਂਦ ਅਤੇ ਸੰਤੁਲਿਤ ਖ਼ੁਰਾਕ ਵੀ ਜ਼ਰੂਰੀ ਹਨ।

ਤਣਾਅ ਤੋਂ ਬਚਣ ਲਈ ਸਕਾਰਾਤਮਕ ਸੋਚ ਅਪਣਾਉਣੀ ਚਾਹੀਦੀ ਹੈ।

ਦੂਜਿਆਂ ਦੀ ਮਦਦ ਕਰ ਕੇ ਵੀ ਮਨ ਨੂੰ ਸਕੂਨ ਮਿਲਦਾ ਹੈ।

ਅੱਜ ਦੀ ਤੇਜ਼ ਰਫ਼ਤਾਰ ਜ਼ਿੰਦਗੀ ਨੇ ਸਾਡੇ ਤੋਂ ਸਕੂਨ ਖੋਹ ਲਿਆ ਹੈ।

ਮੋਬਾਈਲ ਅਤੇ ਸੋਸ਼ਲ ਮੀਡੀਆ ਨੇ ਸਾਨੂੰ ਹੋਰ ਵੀ ਵਿਅਸਤ ਕਰ ਦਿਤਾ ਹੈ।

ਕੁਝ ਸਮਾਂ ਇਨ੍ਹਾਂ ਤੋਂ ਦੂਰ ਰਹਿ ਕੇ ਵੀ ਦੇਖੋ।

ਕਿਤਾਬਾਂ ਪੜ੍ਹਨ ਦੀ ਆਦਤ ਪਾਉਣੀ ਚਾਹੀਦੀ ਹੈ।

ਇਸ ਨਾਲ ਗਿਆਨ ਵਧਦਾ ਹੈ ਅਤੇ ਮਨ ਵੀ ਸ਼ਾਂਤ ਰਹਿੰਦਾ ਹੈ।

ਜ਼ਿੰਦਗੀ ਇਕ ਵਾਰ ਮਿਲਦੀ ਹੈ ਇਸ ਨੂੰ ਰੱਜ ਕੇ ਜੀਓ।

ਛੋਟੀਆਂ ਛੋਟੀਆਂ ਖ਼ੁਸ਼ੀਆਂ ਨੂੰ ਮਾਣਨਾ ਸਿੱਖੋ।

ਹਰ ਦਿਨ ਨੂੰ ਇਕ ਨਵਾਂ ਮੌਕਾ ਸਮਝੋ।

ਬੀਤੇ ਕੱਲ੍ਹ ਦੀ ਚਿੰਤਾ ਛੱਡ ਕੇ ਅੱਜ ਵਿਚ ਜੀਓ।

ਇਹੀ ਅਸਲ ਵਿਚ ਆਨੰਦਮਈ ਜੀਵਨ ਦਾ ਰਾਜ਼ ਹੈ।

ਸਾਡੇ ਬਜ਼ੁਰਗ ਹਮੇਸ਼ਾ ਕਹਿੰਦੇ ਸਨ ਕਿ ਹੌਲੀ ਚੱਲੋ ਪਰ ਲਗਾਤਾਰ ਚੱਲੋ।

ਇਹ ਸਿੱਖਿਆ ਅੱਜ ਵੀ ਓਨੀ ਹੀ ਕਾਰਗਰ ਹੈ।

ਸਬਰ ਅਤੇ ਸੰਤੋਖ ਨਾਲ ਹੀ ਸੱਚੀ ਖ਼ੁਸ਼ੀ ਮਿਲਦੀ ਹੈ।

ਆਓ ਅਸੀਂ ਸਾਰੇ ਮਿਲ ਕੇ ਇਕ ਬਿਹਤਰ ਜੀਵਨ ਸ਼ੈਲੀ ਅਪਣਾਈਏ।

- ਮੰਨੂ ਰਾਣੀਆ, ਪੰਜਾਬ
ਮੋਬਾ : 76240-53712
